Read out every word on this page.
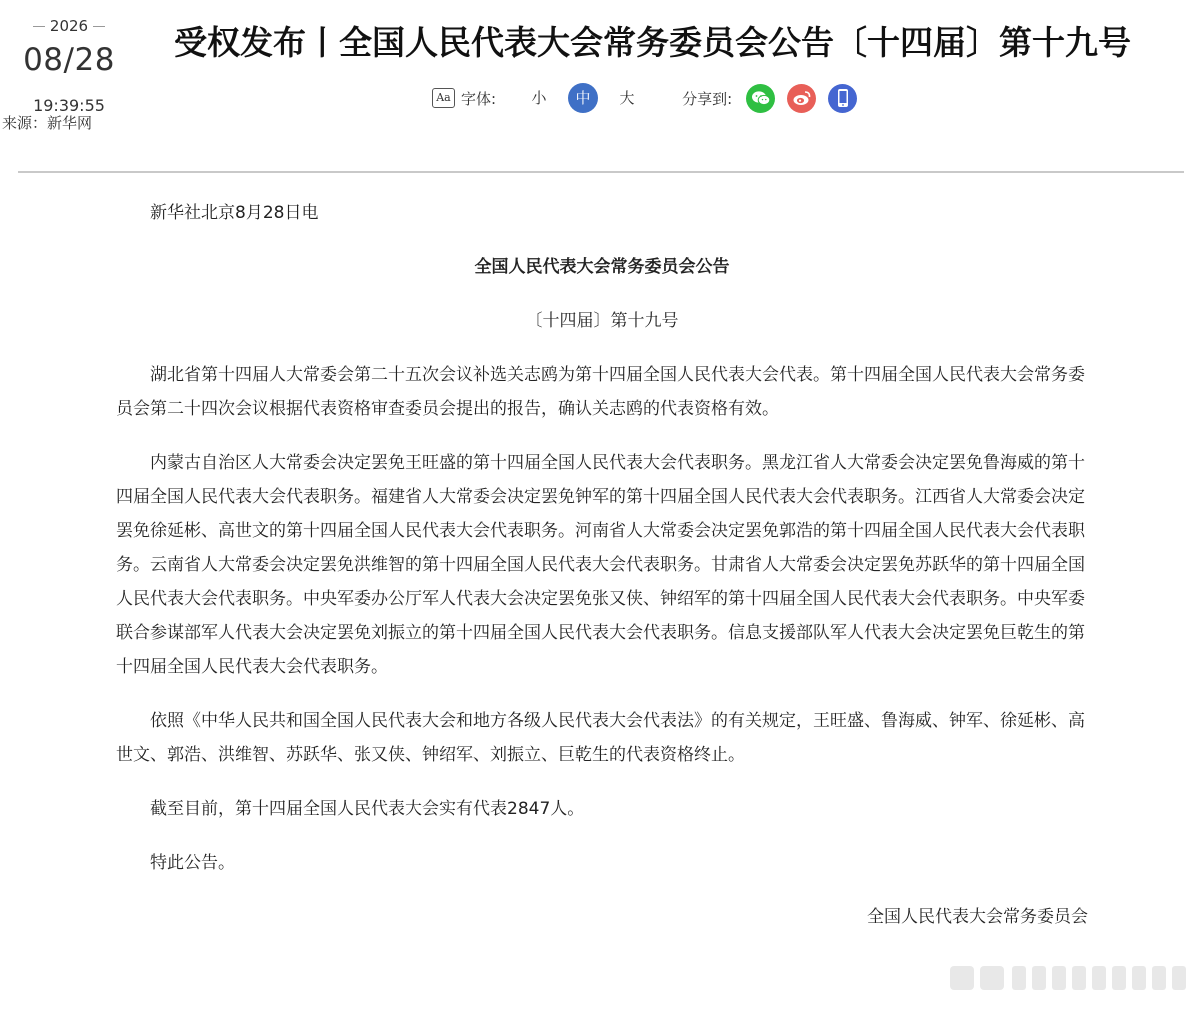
2026
08/28
19:39:55
来源：新华网
受权发布丨全国人民代表大会常务委员会公告〔十四届〕第十九号
Aa 字体:	小	中	大	分享到:

新华社北京8月28日电

全国人民代表大会常务委员会公告

〔十四届〕第十九号

湖北省第十四届人大常委会第二十五次会议补选关志鸥为第十四届全国人民代表大会代表。第十四届全国人民代表大会常务委员会第二十四次会议根据代表资格审查委员会提出的报告，确认关志鸥的代表资格有效。

内蒙古自治区人大常委会决定罢免王旺盛的第十四届全国人民代表大会代表职务。黑龙江省人大常委会决定罢免鲁海威的第十四届全国人民代表大会代表职务。福建省人大常委会决定罢免钟军的第十四届全国人民代表大会代表职务。江西省人大常委会决定罢免徐延彬、高世文的第十四届全国人民代表大会代表职务。河南省人大常委会决定罢免郭浩的第十四届全国人民代表大会代表职务。云南省人大常委会决定罢免洪维智的第十四届全国人民代表大会代表职务。甘肃省人大常委会决定罢免苏跃华的第十四届全国人民代表大会代表职务。中央军委办公厅军人代表大会决定罢免张又侠、钟绍军的第十四届全国人民代表大会代表职务。中央军委联合参谋部军人代表大会决定罢免刘振立的第十四届全国人民代表大会代表职务。信息支援部队军人代表大会决定罢免巨乾生的第十四届全国人民代表大会代表职务。

依照《中华人民共和国全国人民代表大会和地方各级人民代表大会代表法》的有关规定，王旺盛、鲁海威、钟军、徐延彬、高世文、郭浩、洪维智、苏跃华、张又侠、钟绍军、刘振立、巨乾生的代表资格终止。

截至目前，第十四届全国人民代表大会实有代表2847人。

特此公告。

全国人民代表大会常务委员会
